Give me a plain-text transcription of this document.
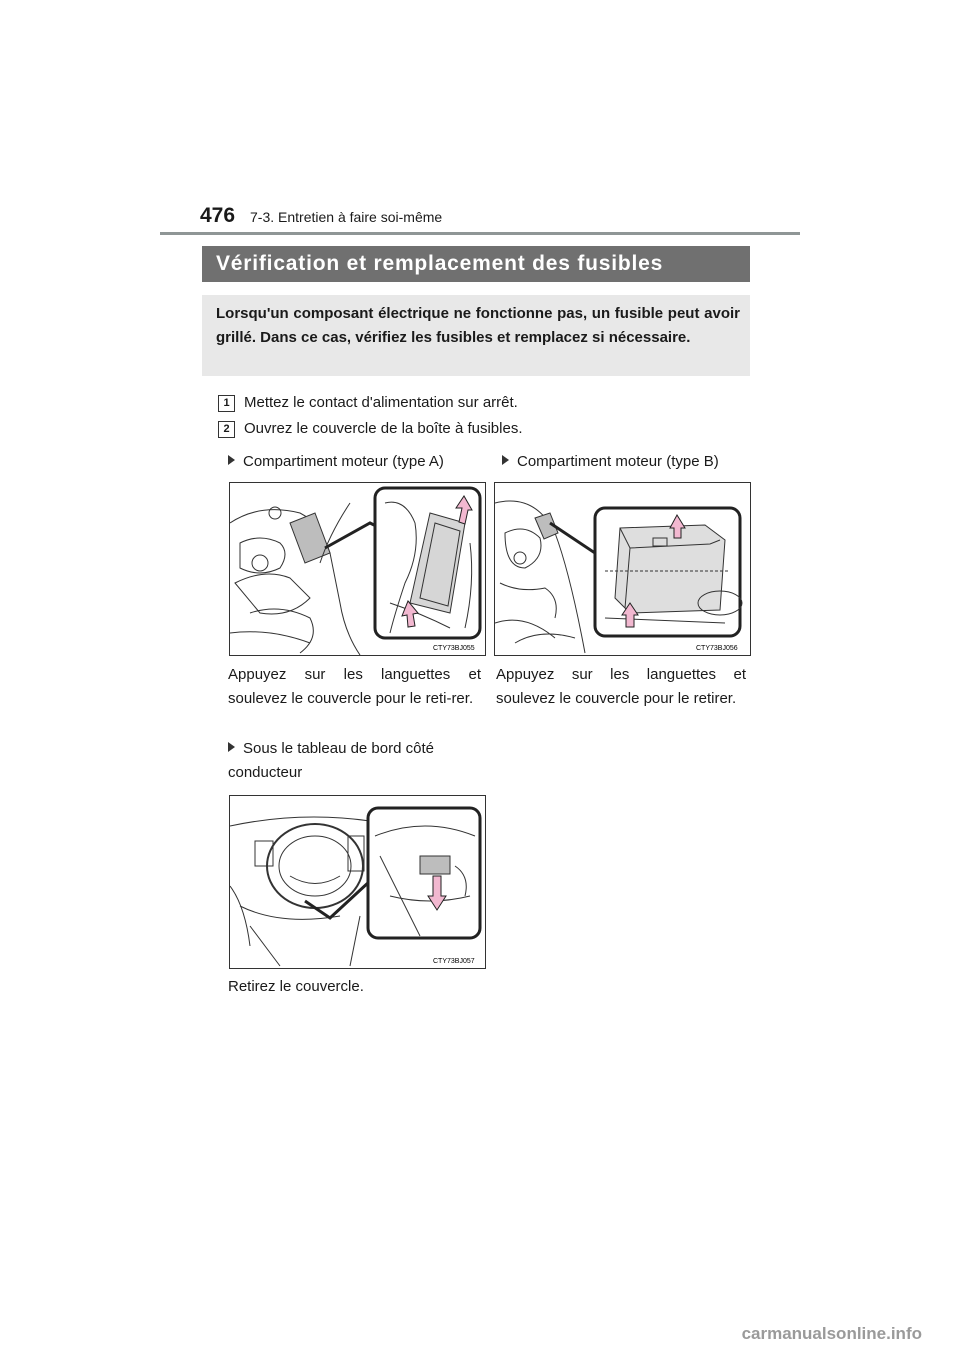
476 7-3. Entretien à faire soi-même
Vérification et remplacement des fusibles
Lorsqu'un composant électrique ne fonctionne pas, un fusible peut avoir grillé. Dans ce cas, vérifiez les fusibles et remplacez si nécessaire.
1 Mettez le contact d'alimentation sur arrêt.
2 Ouvrez le couvercle de la boîte à fusibles.
Compartiment moteur (type A)	Compartiment moteur (type B)
CTY73BJ055	CTY73BJ056
Appuyez sur les languettes et soulevez le couvercle pour le reti-rer.
Appuyez sur les languettes et soulevez le couvercle pour le retirer.
Sous le tableau de bord côté conducteur
CTY73BJ057
Retirez le couvercle.
carmanualsonline.info
